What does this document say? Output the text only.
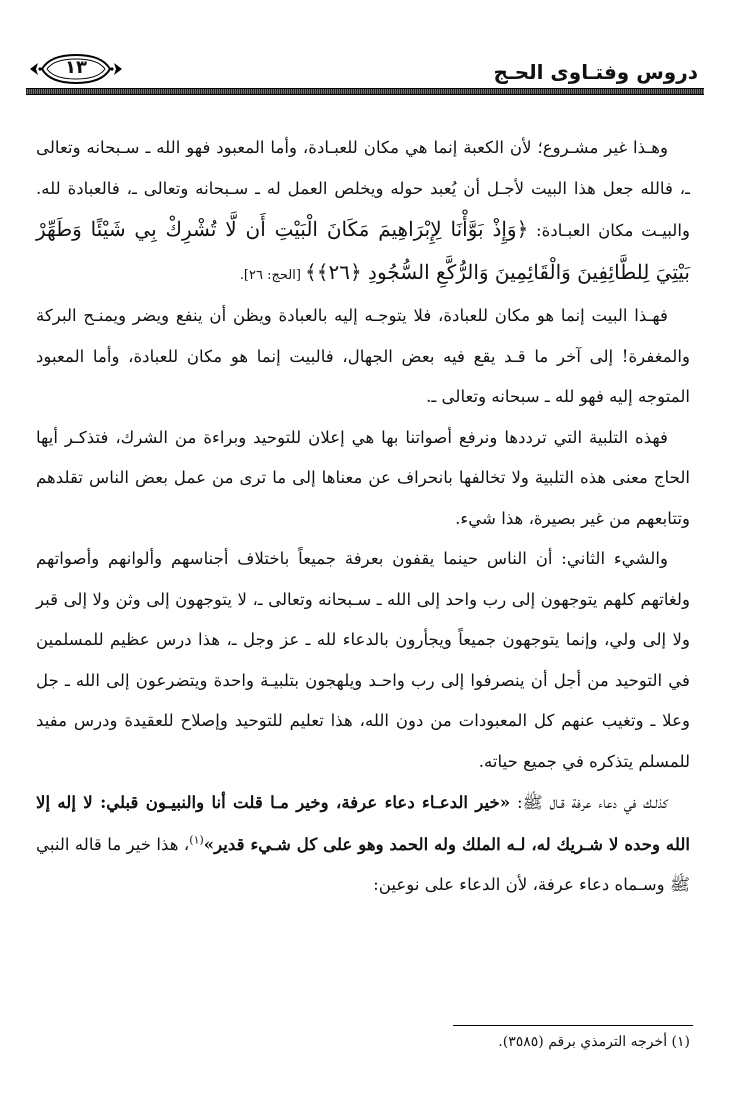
١٣	دروس وفتـاوى الحـج

وهـذا غير مشـروع؛ لأن الكعبة إنما هي مكان للعبـادة، وأما المعبود فهو الله ـ سـبحانه وتعالى ـ، فالله جعل هذا البيت لأجـل أن يُعبد حوله ويخلص العمل له ـ سـبحانه وتعالى ـ، فالعبادة لله. والبيـت مكان العبـادة: ﴿وَإِذْ بَوَّأْنَا لِإِبْرَاهِيمَ مَكَانَ الْبَيْتِ أَن لَّا تُشْرِكْ بِي شَيْئًا وَطَهِّرْ بَيْتِيَ لِلطَّائِفِينَ وَالْقَائِمِينَ وَالرُّكَّعِ السُّجُودِ ﴿٢٦﴾﴾ [الحج: ٢٦].

فهـذا البيت إنما هو مكان للعبادة، فلا يتوجـه إليه بالعبادة ويظن أن ينفع ويضر ويمنـح البركة والمغفرة! إلى آخر ما قـد يقع فيه بعض الجهال، فالبيت إنما هو مكان للعبادة، وأما المعبود المتوجه إليه فهو لله ـ سبحانه وتعالى ـ.

فهذه التلبية التي ترددها ونرفع أصواتنا بها هي إعلان للتوحيد وبراءة من الشرك، فتذكـر أيها الحاج معنى هذه التلبية ولا تخالفها بانحراف عن معناها إلى ما ترى من عمل بعض الناس تقلدهم وتتابعهم من غير بصيرة، هذا شيء.

والشيء الثاني: أن الناس حينما يقفون بعرفة جميعاً باختلاف أجناسهم وألوانهم وأصواتهم ولغاتهم كلهم يتوجهون إلى رب واحد إلى الله ـ سـبحانه وتعالى ـ، لا يتوجهون إلى وثن ولا إلى قبر ولا إلى ولي، وإنما يتوجهون جميعاً ويجأرون بالدعاء لله ـ عز وجل ـ، هذا درس عظيم للمسلمين في التوحيد من أجل أن ينصرفوا إلى رب واحـد ويلهجون بتلبيـة واحدة ويتضرعون إلى الله ـ جل وعلا ـ وتغيب عنهم كل المعبودات من دون الله، هذا تعليم للتوحيد وإصلاح للعقيدة ودرس مفيد للمسلم يتذكره في جميع حياته.

كذلـك في دعاء عرفة قـال ﷺ: «خير الدعـاء دعاء عرفة، وخير مـا قلت أنا والنبيـون قبلي: لا إله إلا الله وحده لا شـريك له، لـه الملك وله الحمد وهو على كل شـيء قدير»$^{(١)}$، هذا خير ما قاله النبي ﷺ وسـماه دعاء عرفة، لأن الدعاء على نوعين:

(١) أخرجه الترمذي برقم (٣٥٨٥).
